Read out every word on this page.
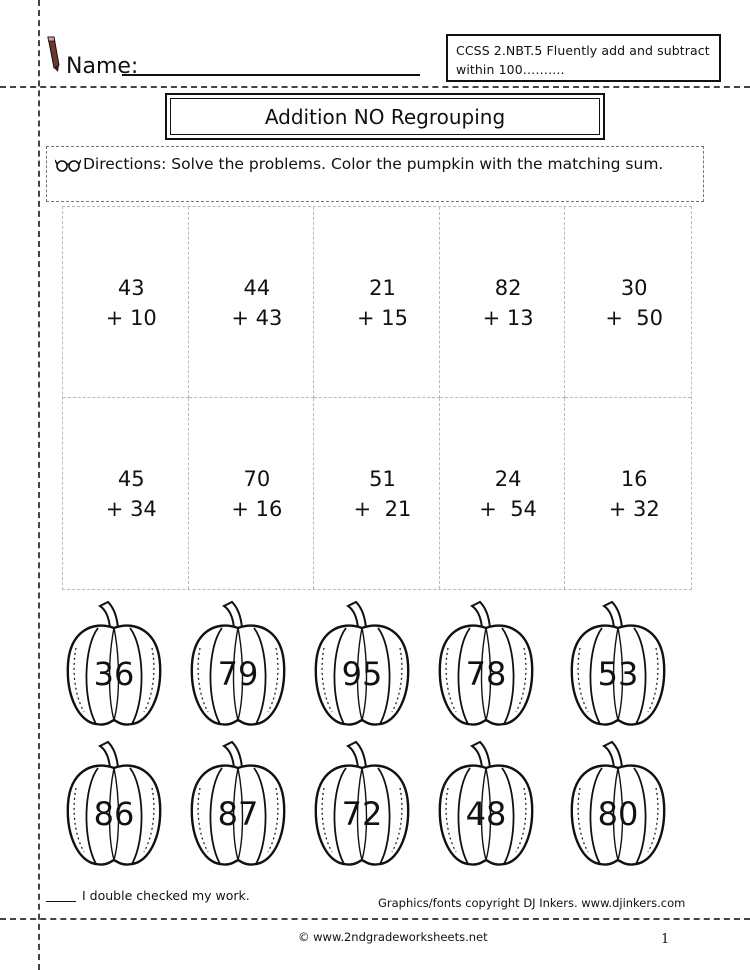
Name:
CCSS 2.NBT.5 Fluently add and subtract
within 100……….
Addition NO Regrouping
Directions: Solve the problems. Color the pumpkin with the matching sum.
43
+ 10
44
+ 43
21
+ 15
82
+ 13
30
+  50
45
+ 34
70
+ 16
51
+  21
24
+  54
16
+ 32
36	79	95	78	53
86	87	72	48	80
I double checked my work.	Graphics/fonts copyright DJ Inkers. www.djinkers.com
© www.2ndgradeworksheets.net	1
